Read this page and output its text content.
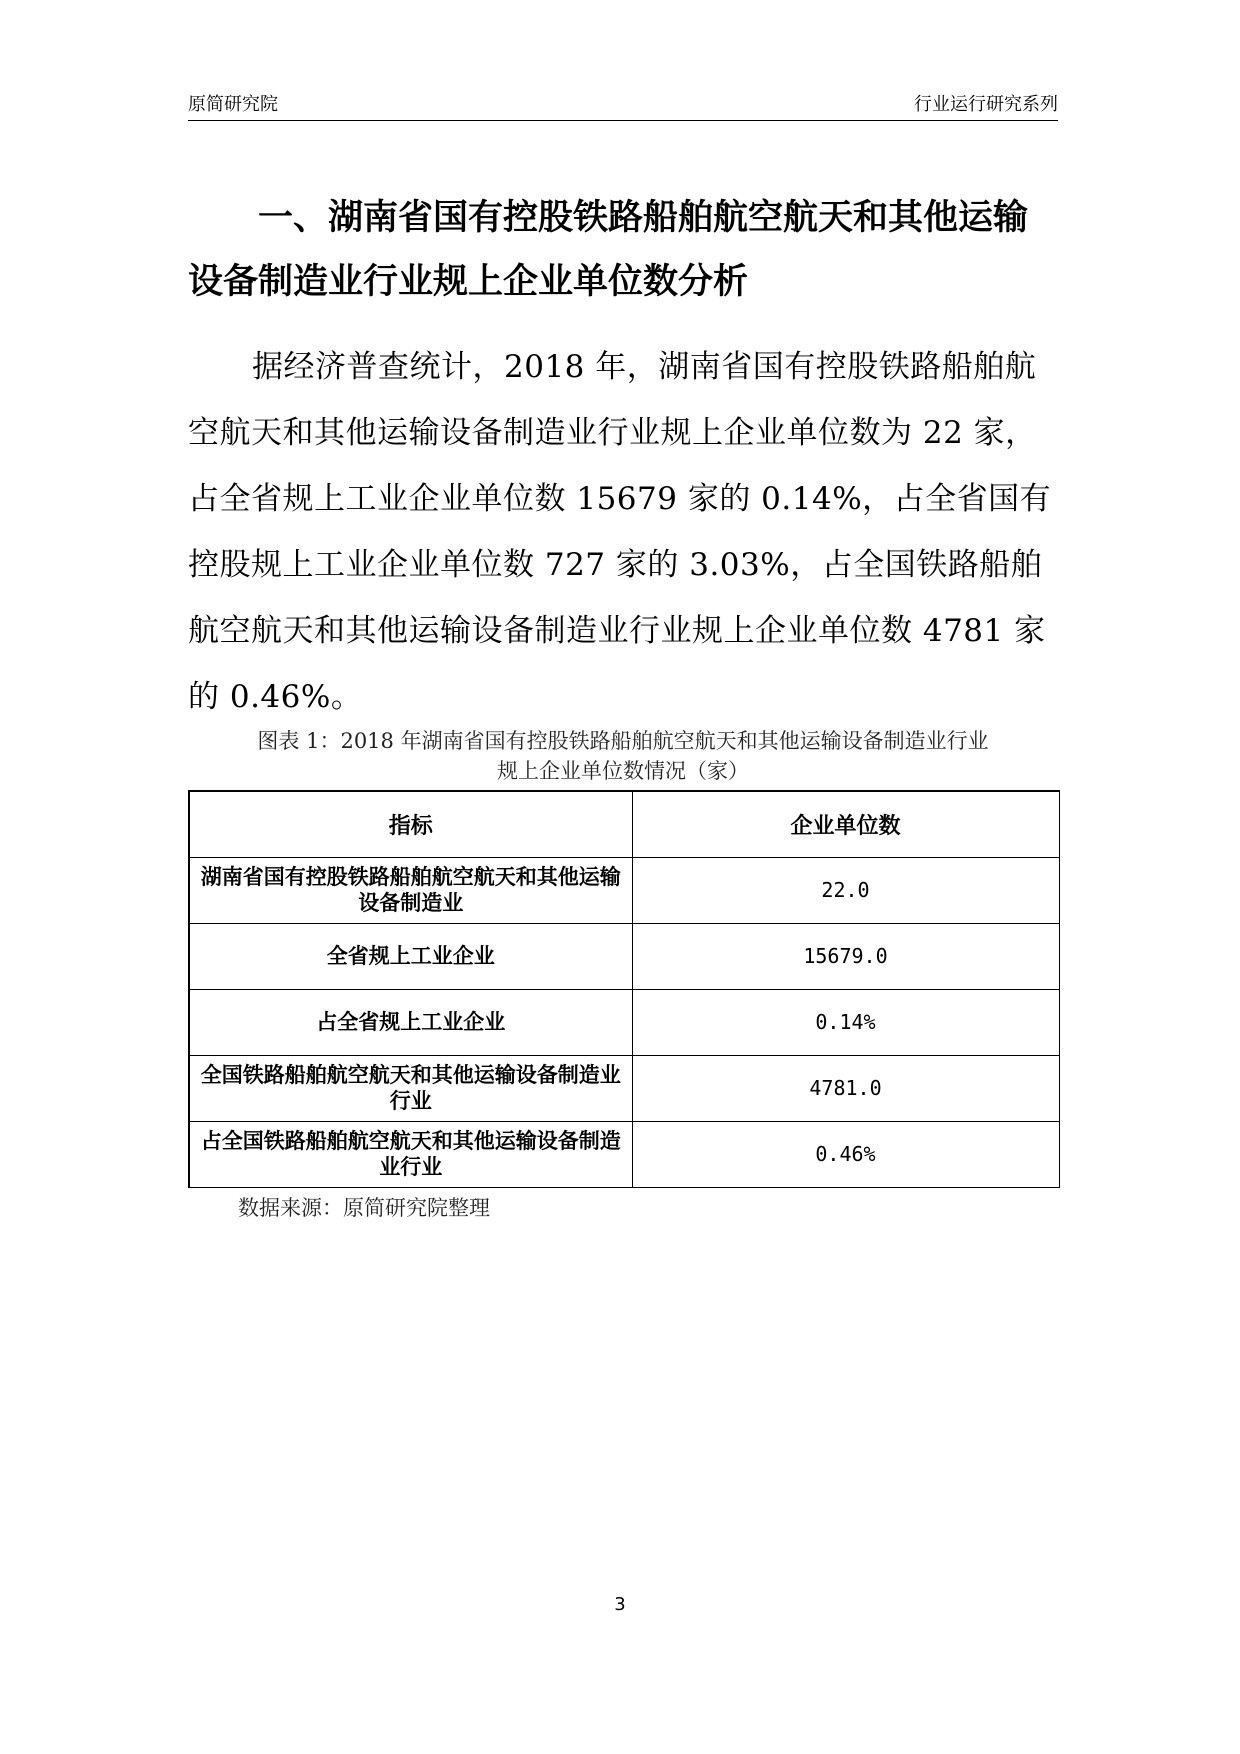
原简研究院	行业运行研究系列
一、湖南省国有控股铁路船舶航空航天和其他运输设备制造业行业规上企业单位数分析

据经济普查统计，2018 年，湖南省国有控股铁路船舶航空航天和其他运输设备制造业行业规上企业单位数为 22 家，占全省规上工业企业单位数 15679 家的 0.14%，占全省国有控股规上工业企业单位数 727 家的 3.03%，占全国铁路船舶航空航天和其他运输设备制造业行业规上企业单位数 4781 家的 0.46%。

图表 1：2018 年湖南省国有控股铁路船舶航空航天和其他运输设备制造业行业
规上企业单位数情况（家）
指标	企业单位数
湖南省国有控股铁路船舶航空航天和其他运输设备制造业	22.0
全省规上工业企业	15679.0
占全省规上工业企业	0.14%
全国铁路船舶航空航天和其他运输设备制造业行业	4781.0
占全国铁路船舶航空航天和其他运输设备制造业行业	0.46%
数据来源：原简研究院整理
3
